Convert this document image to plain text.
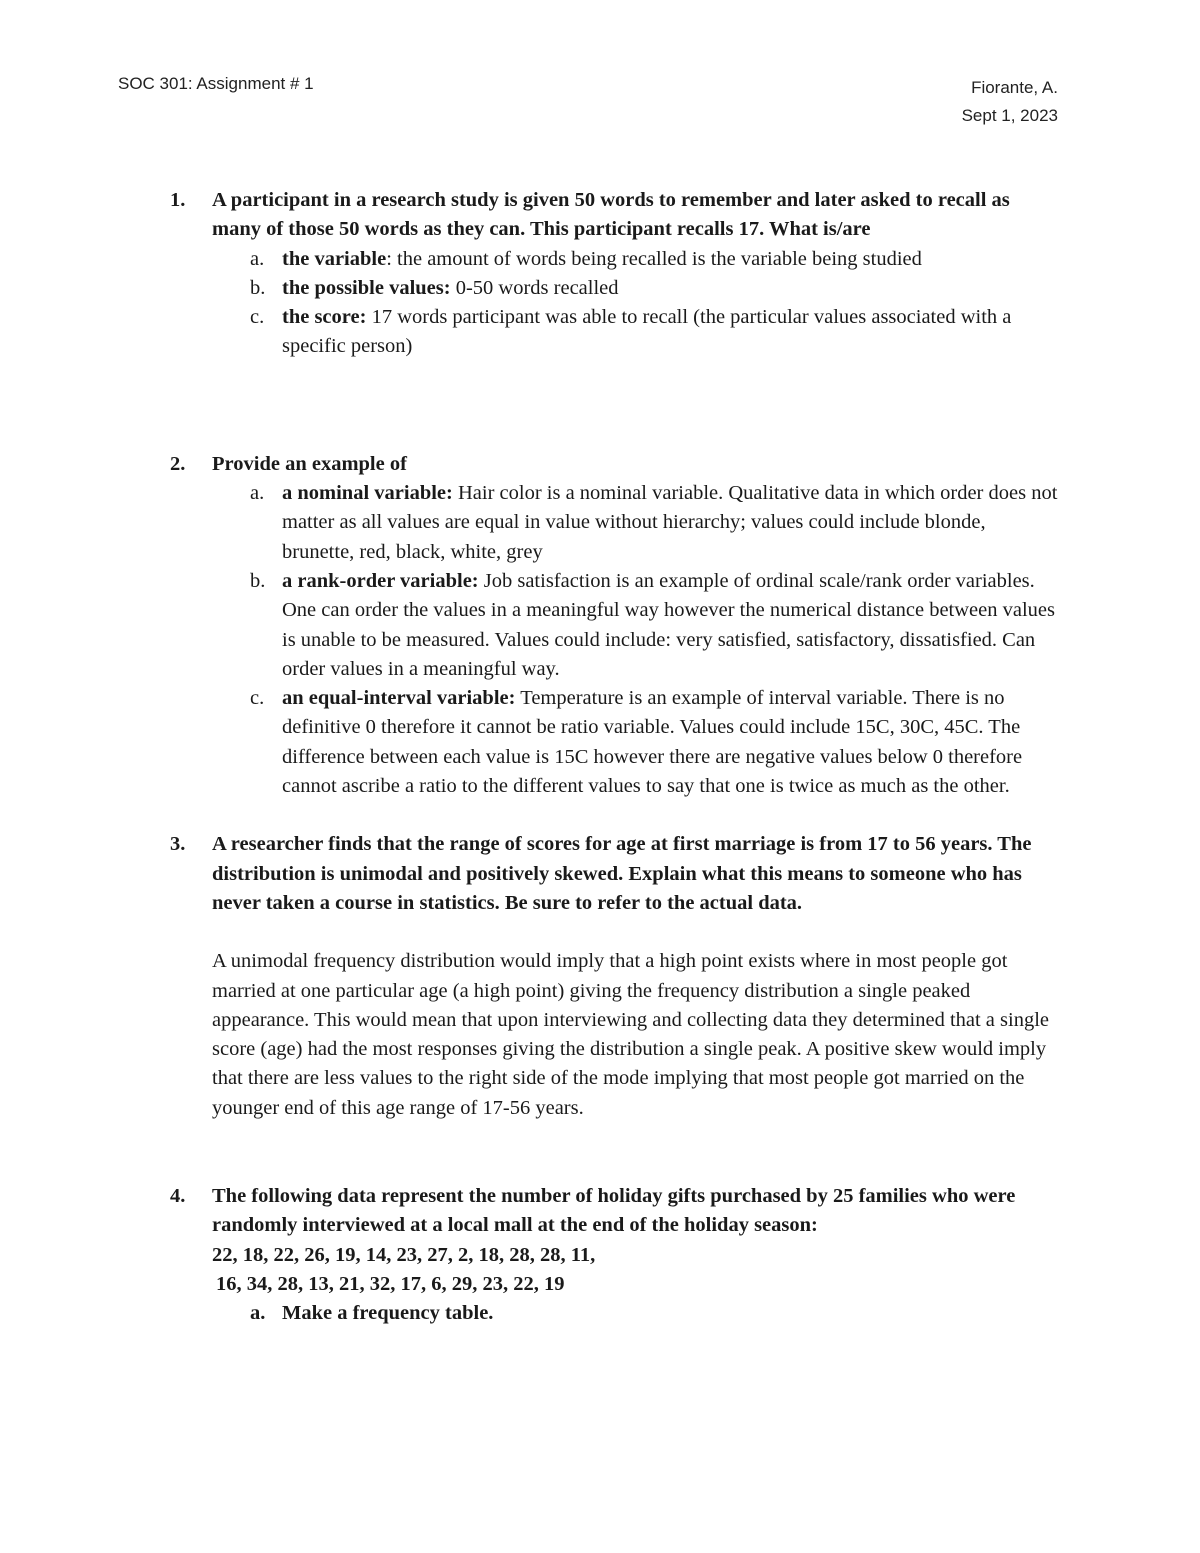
SOC 301: Assignment # 1	Fiorante, A.
Sept 1, 2023
1. A participant in a research study is given 50 words to remember and later asked to recall as many of those 50 words as they can. This participant recalls 17. What is/are
a. the variable: the amount of words being recalled is the variable being studied
b. the possible values: 0-50 words recalled
c. the score: 17 words participant was able to recall (the particular values associated with a specific person)
2. Provide an example of
a. a nominal variable: Hair color is a nominal variable. Qualitative data in which order does not matter as all values are equal in value without hierarchy; values could include blonde, brunette, red, black, white, grey
b. a rank-order variable: Job satisfaction is an example of ordinal scale/rank order variables. One can order the values in a meaningful way however the numerical distance between values is unable to be measured. Values could include: very satisfied, satisfactory, dissatisfied. Can order values in a meaningful way.
c. an equal-interval variable: Temperature is an example of interval variable. There is no definitive 0 therefore it cannot be ratio variable. Values could include 15C, 30C, 45C. The difference between each value is 15C however there are negative values below 0 therefore cannot ascribe a ratio to the different values to say that one is twice as much as the other.
3. A researcher finds that the range of scores for age at first marriage is from 17 to 56 years. The distribution is unimodal and positively skewed. Explain what this means to someone who has never taken a course in statistics. Be sure to refer to the actual data.
A unimodal frequency distribution would imply that a high point exists where in most people got married at one particular age (a high point) giving the frequency distribution a single peaked appearance. This would mean that upon interviewing and collecting data they determined that a single score (age) had the most responses giving the distribution a single peak. A positive skew would imply that there are less values to the right side of the mode implying that most people got married on the younger end of this age range of 17-56 years.
4. The following data represent the number of holiday gifts purchased by 25 families who were randomly interviewed at a local mall at the end of the holiday season:
22, 18, 22, 26, 19, 14, 23, 27, 2, 18, 28, 28, 11,
16, 34, 28, 13, 21, 32, 17, 6, 29, 23, 22, 19
a. Make a frequency table.
